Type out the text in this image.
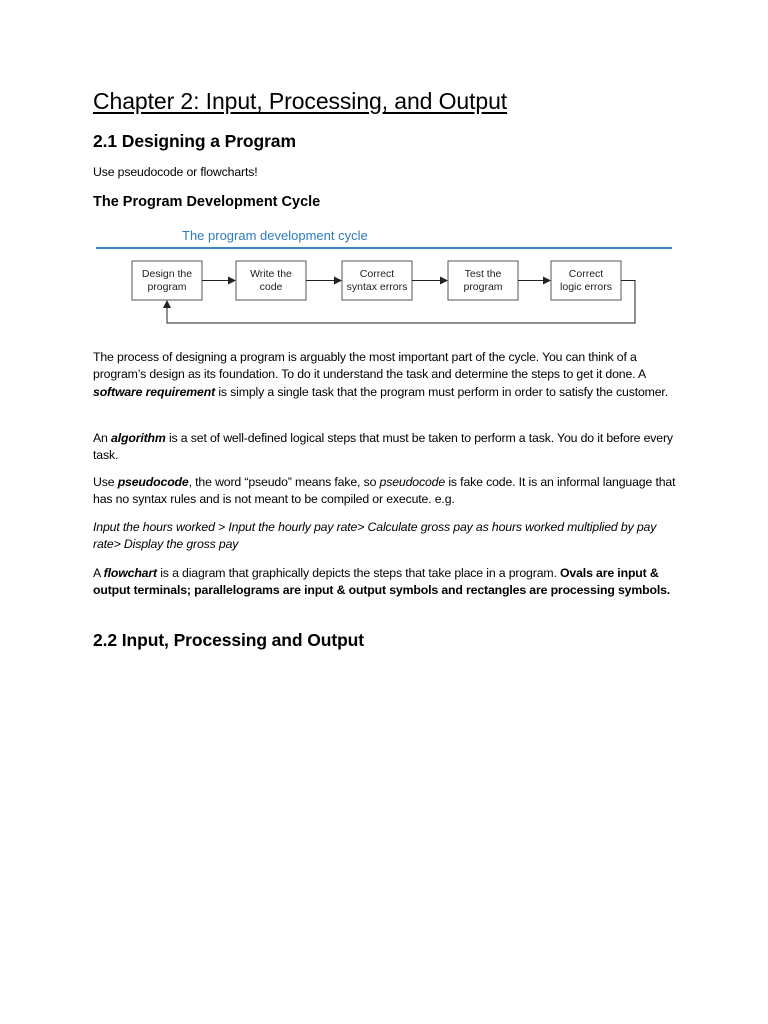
Chapter 2: Input, Processing, and Output
2.1 Designing a Program

Use pseudocode or flowcharts!

The Program Development Cycle
The program development cycle
Design the
program
Write the
code
Correct
syntax errors
Test the
program
Correct
logic errors

The process of designing a program is arguably the most important part of the cycle. You can think of a program’s design as its foundation. To do it understand the task and determine the steps to get it done. A software requirement is simply a single task that the program must perform in order to satisfy the customer.

An algorithm is a set of well-defined logical steps that must be taken to perform a task. You do it before every task.

Use pseudocode, the word “pseudo” means fake, so pseudocode is fake code. It is an informal language that has no syntax rules and is not meant to be compiled or execute. e.g.

Input the hours worked > Input the hourly pay rate> Calculate gross pay as hours worked multiplied by pay rate> Display the gross pay

A flowchart is a diagram that graphically depicts the steps that take place in a program. Ovals are input & output terminals; parallelograms are input & output symbols and rectangles are processing symbols.

2.2 Input, Processing and Output
